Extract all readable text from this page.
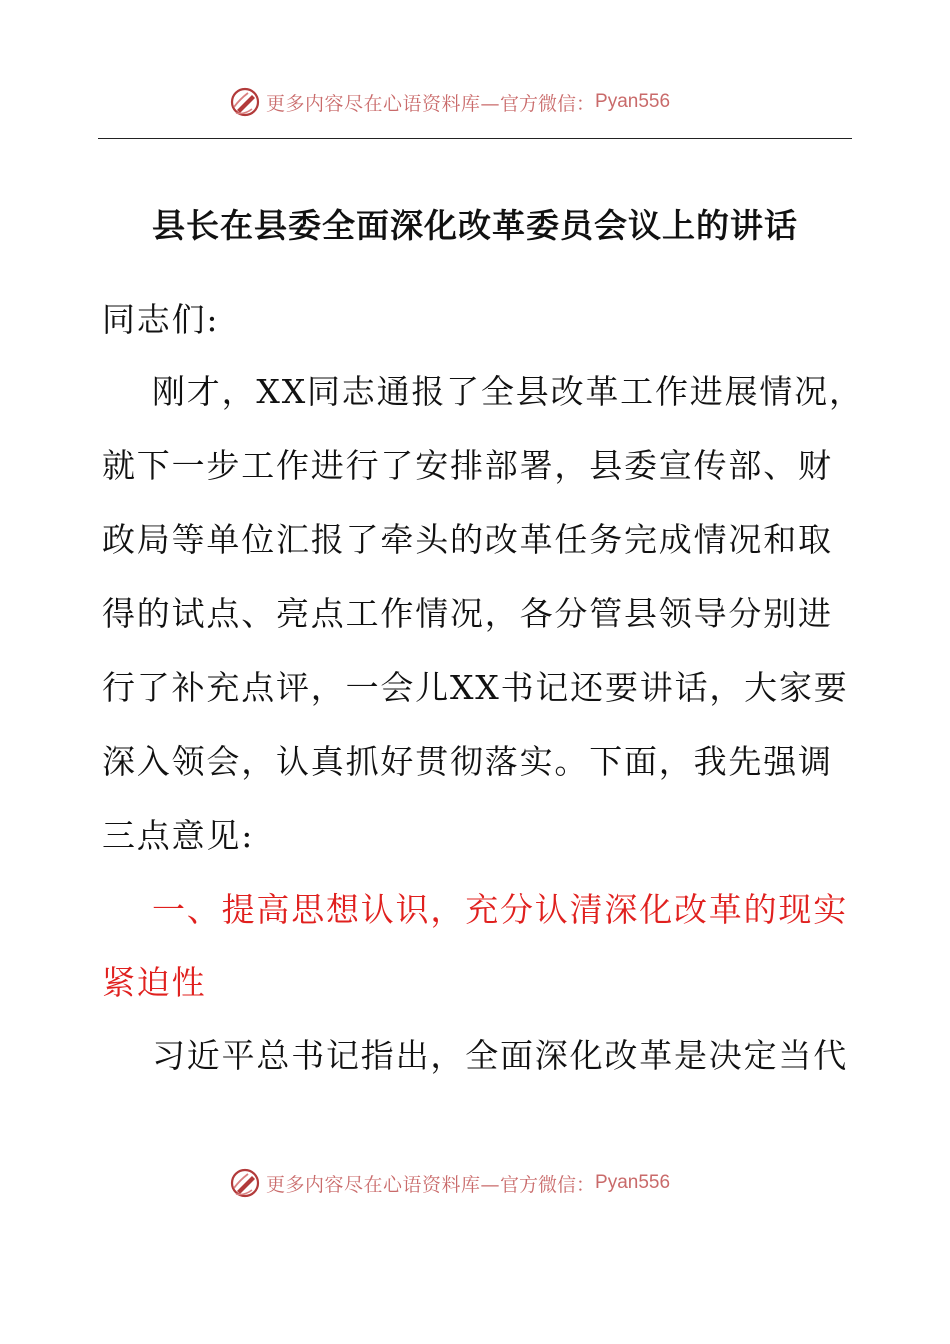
更多内容尽在心语资料库— 官方微信： Pyan556
县长在县委全面深化改革委员会议上的讲话
同志们:
刚才，XX同志通报了全县改革工作进展情况，
就下一步工作进行了安排部署，县委宣传部、财
政局等单位汇报了牵头的改革任务完成情况和取
得的试点、亮点工作情况，各分管县领导分别进
行了补充点评，一会儿XX书记还要讲话，大家要
深入领会，认真抓好贯彻落实。下面，我先强调
三点意见:
一、提高思想认识，充分认清深化改革的现实
紧迫性
习近平总书记指出，全面深化改革是决定当代
更多内容尽在心语资料库— 官方微信： Pyan556
